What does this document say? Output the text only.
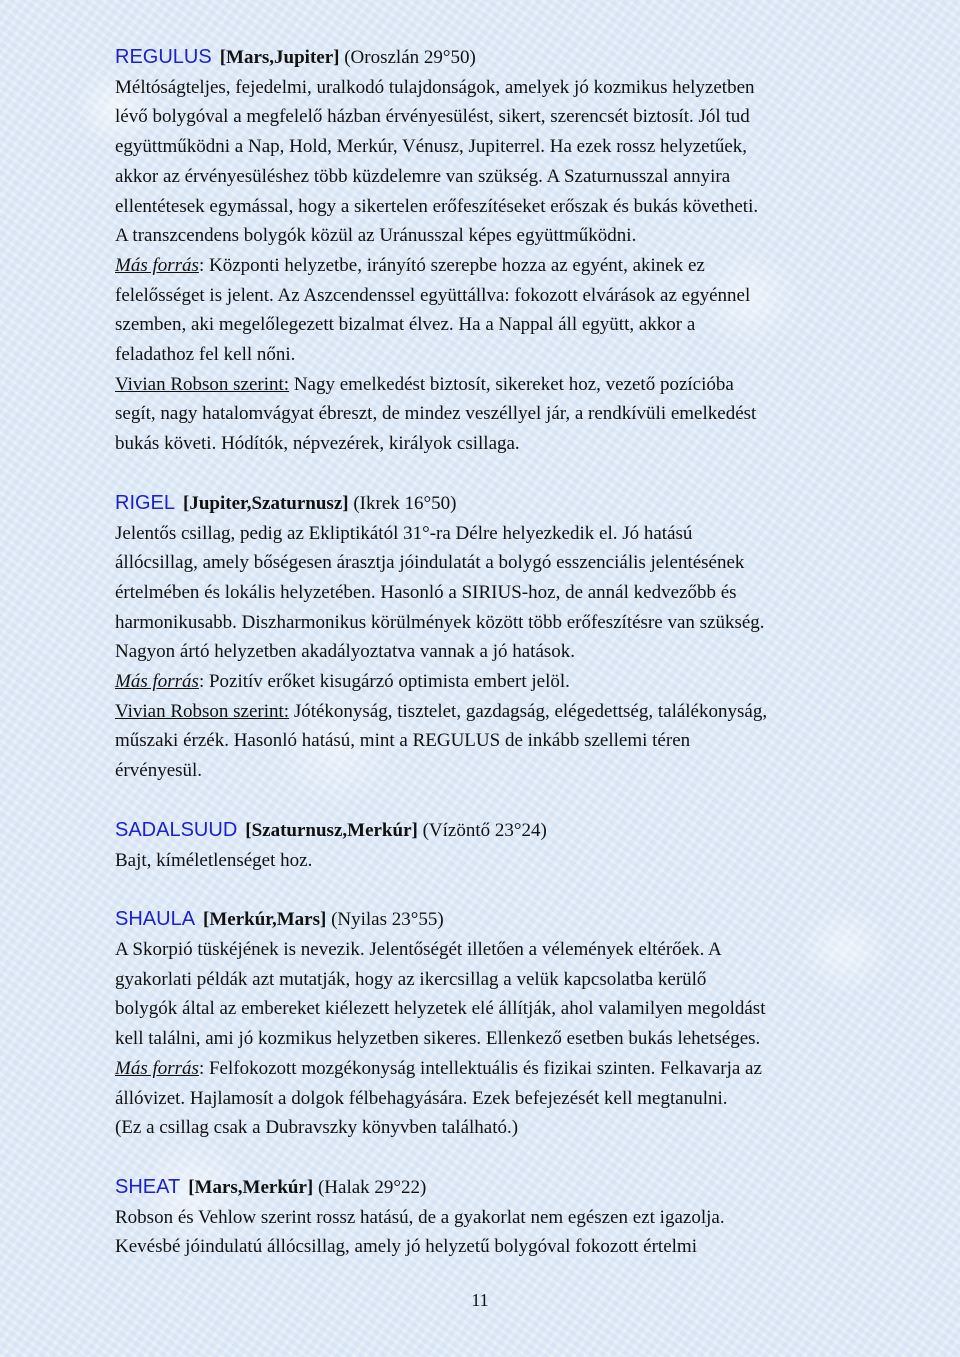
REGULUS [Mars,Jupiter] (Oroszlán 29°50)

Méltóságteljes, fejedelmi, uralkodó tulajdonságok, amelyek jó kozmikus helyzetben

lévő bolygóval a megfelelő házban érvényesülést, sikert, szerencsét biztosít. Jól tud

együttműködni a Nap, Hold, Merkúr, Vénusz, Jupiterrel. Ha ezek rossz helyzetűek,

akkor az érvényesüléshez több küzdelemre van szükség. A Szaturnusszal annyira

ellentétesek egymással, hogy a sikertelen erőfeszítéseket erőszak és bukás követheti.

A transzcendens bolygók közül az Uránusszal képes együttműködni.

Más forrás: Központi helyzetbe, irányító szerepbe hozza az egyént, akinek ez

felelősséget is jelent. Az Aszcendenssel együttállva: fokozott elvárások az egyénnel

szemben, aki megelőlegezett bizalmat élvez. Ha a Nappal áll együtt, akkor a

feladathoz fel kell nőni.

Vivian Robson szerint: Nagy emelkedést biztosít, sikereket hoz, vezető pozícióba

segít, nagy hatalomvágyat ébreszt, de mindez veszéllyel jár, a rendkívüli emelkedést

bukás követi. Hódítók, népvezérek, királyok csillaga.

RIGEL [Jupiter,Szaturnusz] (Ikrek 16°50)

Jelentős csillag, pedig az Ekliptikától 31°-ra Délre helyezkedik el. Jó hatású

állócsillag, amely bőségesen árasztja jóindulatát a bolygó esszenciális jelentésének

értelmében és lokális helyzetében. Hasonló a SIRIUS-hoz, de annál kedvezőbb és

harmonikusabb. Diszharmonikus körülmények között több erőfeszítésre van szükség.

Nagyon ártó helyzetben akadályoztatva vannak a jó hatások.

Más forrás: Pozitív erőket kisugárzó optimista embert jelöl.

Vivian Robson szerint: Jótékonyság, tisztelet, gazdagság, elégedettség, találékonyság,

műszaki érzék. Hasonló hatású, mint a REGULUS de inkább szellemi téren

érvényesül.

SADALSUUD [Szaturnusz,Merkúr] (Vízöntő 23°24)

Bajt, kíméletlenséget hoz.

SHAULA [Merkúr,Mars] (Nyilas 23°55)

A Skorpió tüskéjének is nevezik. Jelentőségét illetően a vélemények eltérőek. A

gyakorlati példák azt mutatják, hogy az ikercsillag a velük kapcsolatba kerülő

bolygók által az embereket kiélezett helyzetek elé állítják, ahol valamilyen megoldást

kell találni, ami jó kozmikus helyzetben sikeres. Ellenkező esetben bukás lehetséges.

Más forrás: Felfokozott mozgékonyság intellektuális és fizikai szinten. Felkavarja az

állóvizet. Hajlamosít a dolgok félbehagyására. Ezek befejezését kell megtanulni.

(Ez a csillag csak a Dubravszky könyvben található.)

SHEAT [Mars,Merkúr] (Halak 29°22)

Robson és Vehlow szerint rossz hatású, de a gyakorlat nem egészen ezt igazolja.

Kevésbé jóindulatú állócsillag, amely jó helyzetű bolygóval fokozott értelmi

11
